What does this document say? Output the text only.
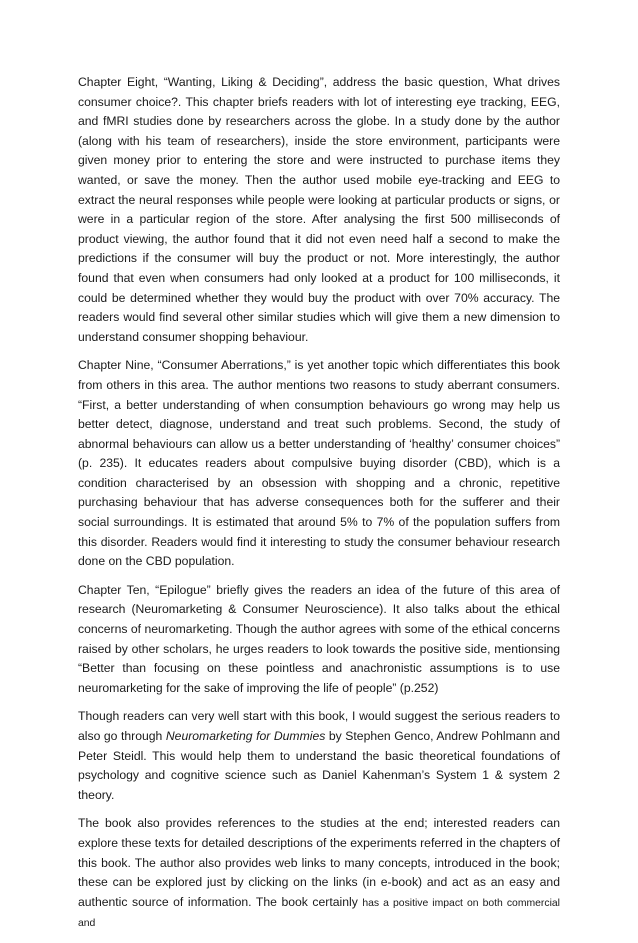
Chapter Eight, “Wanting, Liking & Deciding”, address the basic question, What drives consumer choice?. This chapter briefs readers with lot of interesting eye tracking, EEG, and fMRI studies done by researchers across the globe. In a study done by the author (along with his team of researchers), inside the store environment, participants were given money prior to entering the store and were instructed to purchase items they wanted, or save the money. Then the author used mobile eye-tracking and EEG to extract the neural responses while people were looking at particular products or signs, or were in a particular region of the store. After analysing the first 500 milliseconds of product viewing, the author found that it did not even need half a second to make the predictions if the consumer will buy the product or not. More interestingly, the author found that even when consumers had only looked at a product for 100 milliseconds, it could be determined whether they would buy the product with over 70% accuracy. The readers would find several other similar studies which will give them a new dimension to understand consumer shopping behaviour.

Chapter Nine, “Consumer Aberrations,” is yet another topic which differentiates this book from others in this area. The author mentions two reasons to study aberrant consumers. “First, a better understanding of when consumption behaviours go wrong may help us better detect, diagnose, understand and treat such problems. Second, the study of abnormal behaviours can allow us a better understanding of ‘healthy’ consumer choices” (p. 235). It educates readers about compulsive buying disorder (CBD), which is a condition characterised by an obsession with shopping and a chronic, repetitive purchasing behaviour that has adverse consequences both for the sufferer and their social surroundings. It is estimated that around 5% to 7% of the population suffers from this disorder. Readers would find it interesting to study the consumer behaviour research done on the CBD population.

Chapter Ten, “Epilogue” briefly gives the readers an idea of the future of this area of research (Neuromarketing & Consumer Neuroscience). It also talks about the ethical concerns of neuromarketing. Though the author agrees with some of the ethical concerns raised by other scholars, he urges readers to look towards the positive side, mentionsing “Better than focusing on these pointless and anachronistic assumptions is to use neuromarketing for the sake of improving the life of people” (p.252)

Though readers can very well start with this book, I would suggest the serious readers to also go through Neuromarketing for Dummies by Stephen Genco, Andrew Pohlmann and Peter Steidl. This would help them to understand the basic theoretical foundations of psychology and cognitive science such as Daniel Kahenman’s System 1 & system 2 theory.

The book also provides references to the studies at the end; interested readers can explore these texts for detailed descriptions of the experiments referred in the chapters of this book. The author also provides web links to many concepts, introduced in the book; these can be explored just by clicking on the links (in e-book) and act as an easy and authentic source of information. The book certainly has a positive impact on both commercial and
